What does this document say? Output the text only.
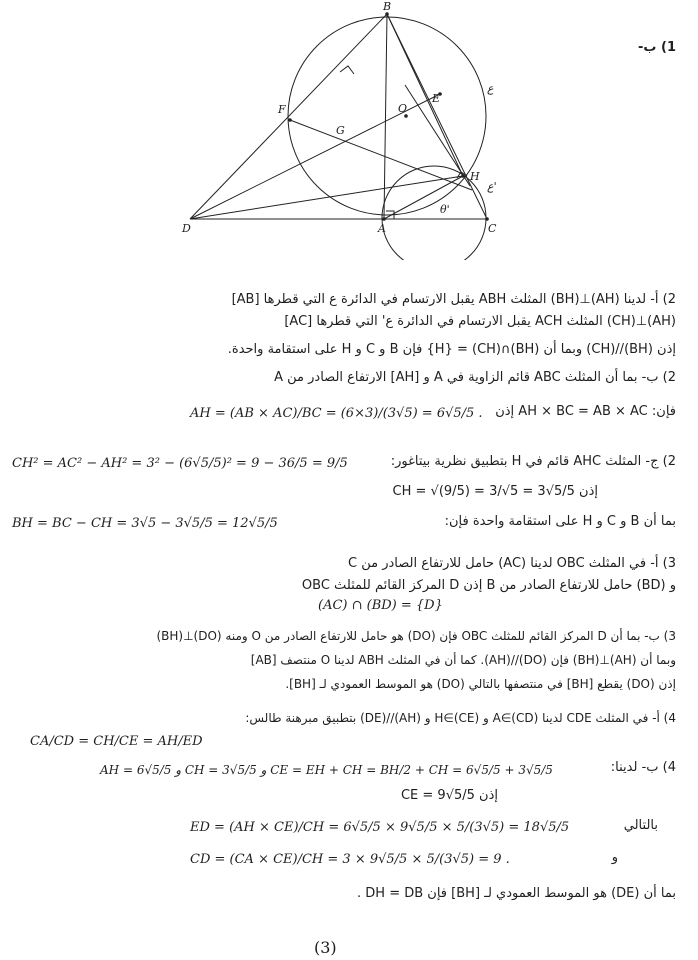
B
F
G
E
H
D	A	C
O
ع
ع'
θ'
1) ب-
2) أ- لدينا (AH)⊥(BH) المثلث ABH يقبل الارتسام في الدائرة ع التي قطرها [AB]
(AH)⊥(CH) المثلث ACH يقبل الارتسام في الدائرة ع' التي قطرها [AC]
إذن (BH)//(CH) وبما أن (BH)∩(CH) = {H} فإن B و C و H على استقامة واحدة.
2) ب- بما أن المثلث ABC قائم الزاوية في A و [AH] الارتفاع الصادر من A
فإن: AH × BC = AB × AC إذن
AH = (AB × AC)/BC = (6×3)/(3√5) = 6√5/5 .
2) ج- المثلث AHC قائم في H بتطبيق نظرية بيتاغور:
CH² = AC² − AH² = 3² − (6√5/5)² = 9 − 36/5 = 9/5
إذن CH = √(9/5) = 3/√5 = 3√5/5
بما أن B و C و H على استقامة واحدة فإن:
BH = BC − CH = 3√5 − 3√5/5 = 12√5/5
3) أ- في المثلث OBC لدينا (AC) حامل للارتفاع الصادر من C
و (BD) حامل للارتفاع الصادر من B إذن D المركز القائم للمثلث OBC
(AC) ∩ (BD) = {D}
3) ب- بما أن D المركز القائم للمثلث OBC فإن (DO) هو حامل للارتفاع الصادر من O ومنه (DO)⊥(BH)
وبما أن (AH)⊥(BH) فإن (DO)//(AH). كما أن في المثلث ABH لدينا O منتصف [AB]
إذن (DO) يقطع [BH] في منتصفها بالتالي (DO) هو الموسط العمودي لـ [BH].
4) أ- في المثلث CDE لدينا A∈(CD) و H∈(CE) و (AH)//(DE) بتطبيق مبرهنة طالس:
CA/CD = CH/CE = AH/ED
4) ب- لدينا:
AH = 6√5/5 و CH = 3√5/5 و CE = EH + CH = BH/2 + CH = 6√5/5 + 3√5/5
إذن CE = 9√5/5
بالتالي
ED = (AH × CE)/CH = 6√5/5 × 9√5/5 × 5/(3√5) = 18√5/5
و
CD = (CA × CE)/CH = 3 × 9√5/5 × 5/(3√5) = 9 .
بما أن (DE) هو الموسط العمودي لـ [BH] فإن DH = DB .
(3)
